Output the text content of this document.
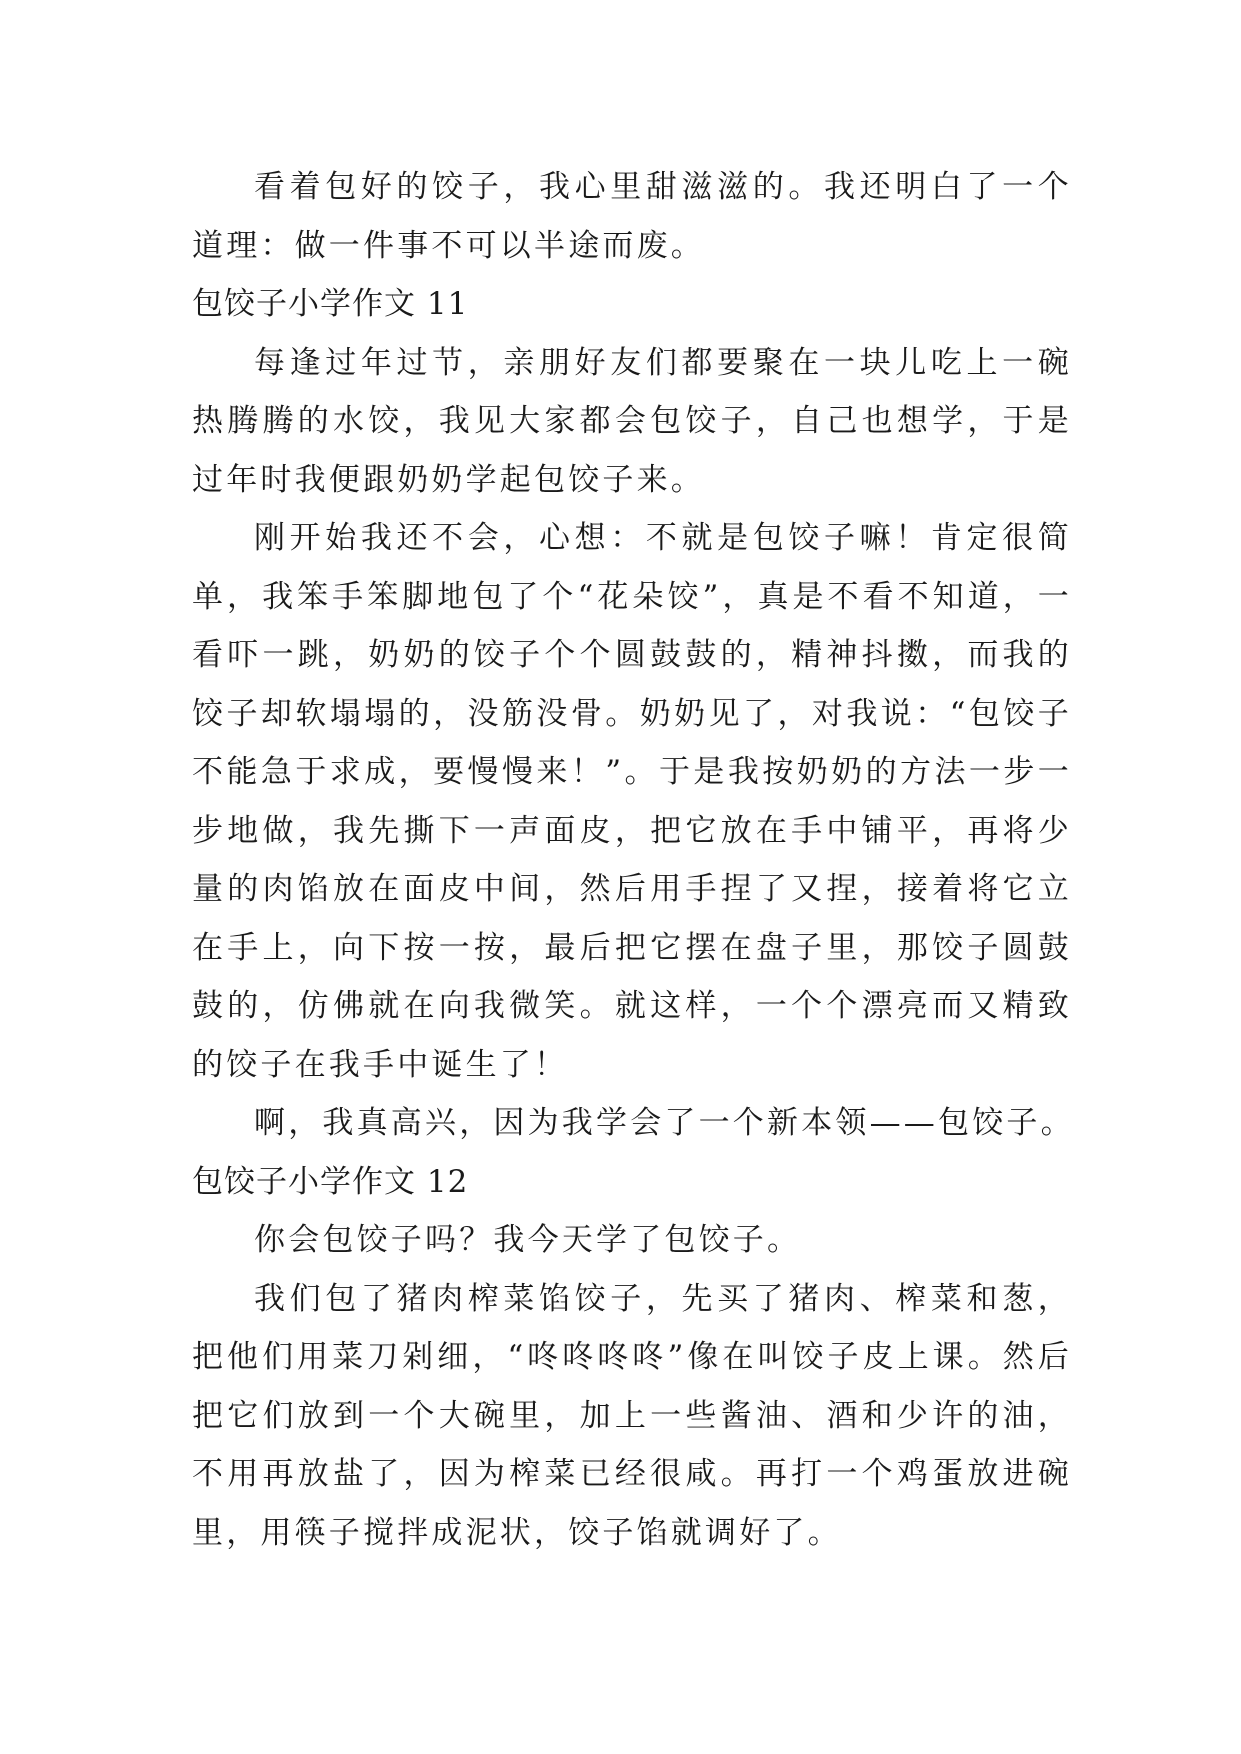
看着包好的饺子，我心里甜滋滋的。我还明白了一个道理：做一件事不可以半途而废。

包饺子小学作文 11

每逢过年过节，亲朋好友们都要聚在一块儿吃上一碗热腾腾的水饺，我见大家都会包饺子，自己也想学，于是过年时我便跟奶奶学起包饺子来。

刚开始我还不会，心想：不就是包饺子嘛！肯定很简单，我笨手笨脚地包了个“花朵饺”，真是不看不知道，一看吓一跳，奶奶的饺子个个圆鼓鼓的，精神抖擞，而我的饺子却软塌塌的，没筋没骨。奶奶见了，对我说：“包饺子不能急于求成，要慢慢来！”。于是我按奶奶的方法一步一步地做，我先撕下一声面皮，把它放在手中铺平，再将少量的肉馅放在面皮中间，然后用手捏了又捏，接着将它立在手上，向下按一按，最后把它摆在盘子里，那饺子圆鼓鼓的，仿佛就在向我微笑。就这样，一个个漂亮而又精致的饺子在我手中诞生了！

啊，我真高兴，因为我学会了一个新本领——包饺子。

包饺子小学作文 12

你会包饺子吗？我今天学了包饺子。

我们包了猪肉榨菜馅饺子，先买了猪肉、榨菜和葱，把他们用菜刀剁细，“咚咚咚咚”像在叫饺子皮上课。然后把它们放到一个大碗里，加上一些酱油、酒和少许的油，不用再放盐了，因为榨菜已经很咸。再打一个鸡蛋放进碗里，用筷子搅拌成泥状，饺子馅就调好了。
